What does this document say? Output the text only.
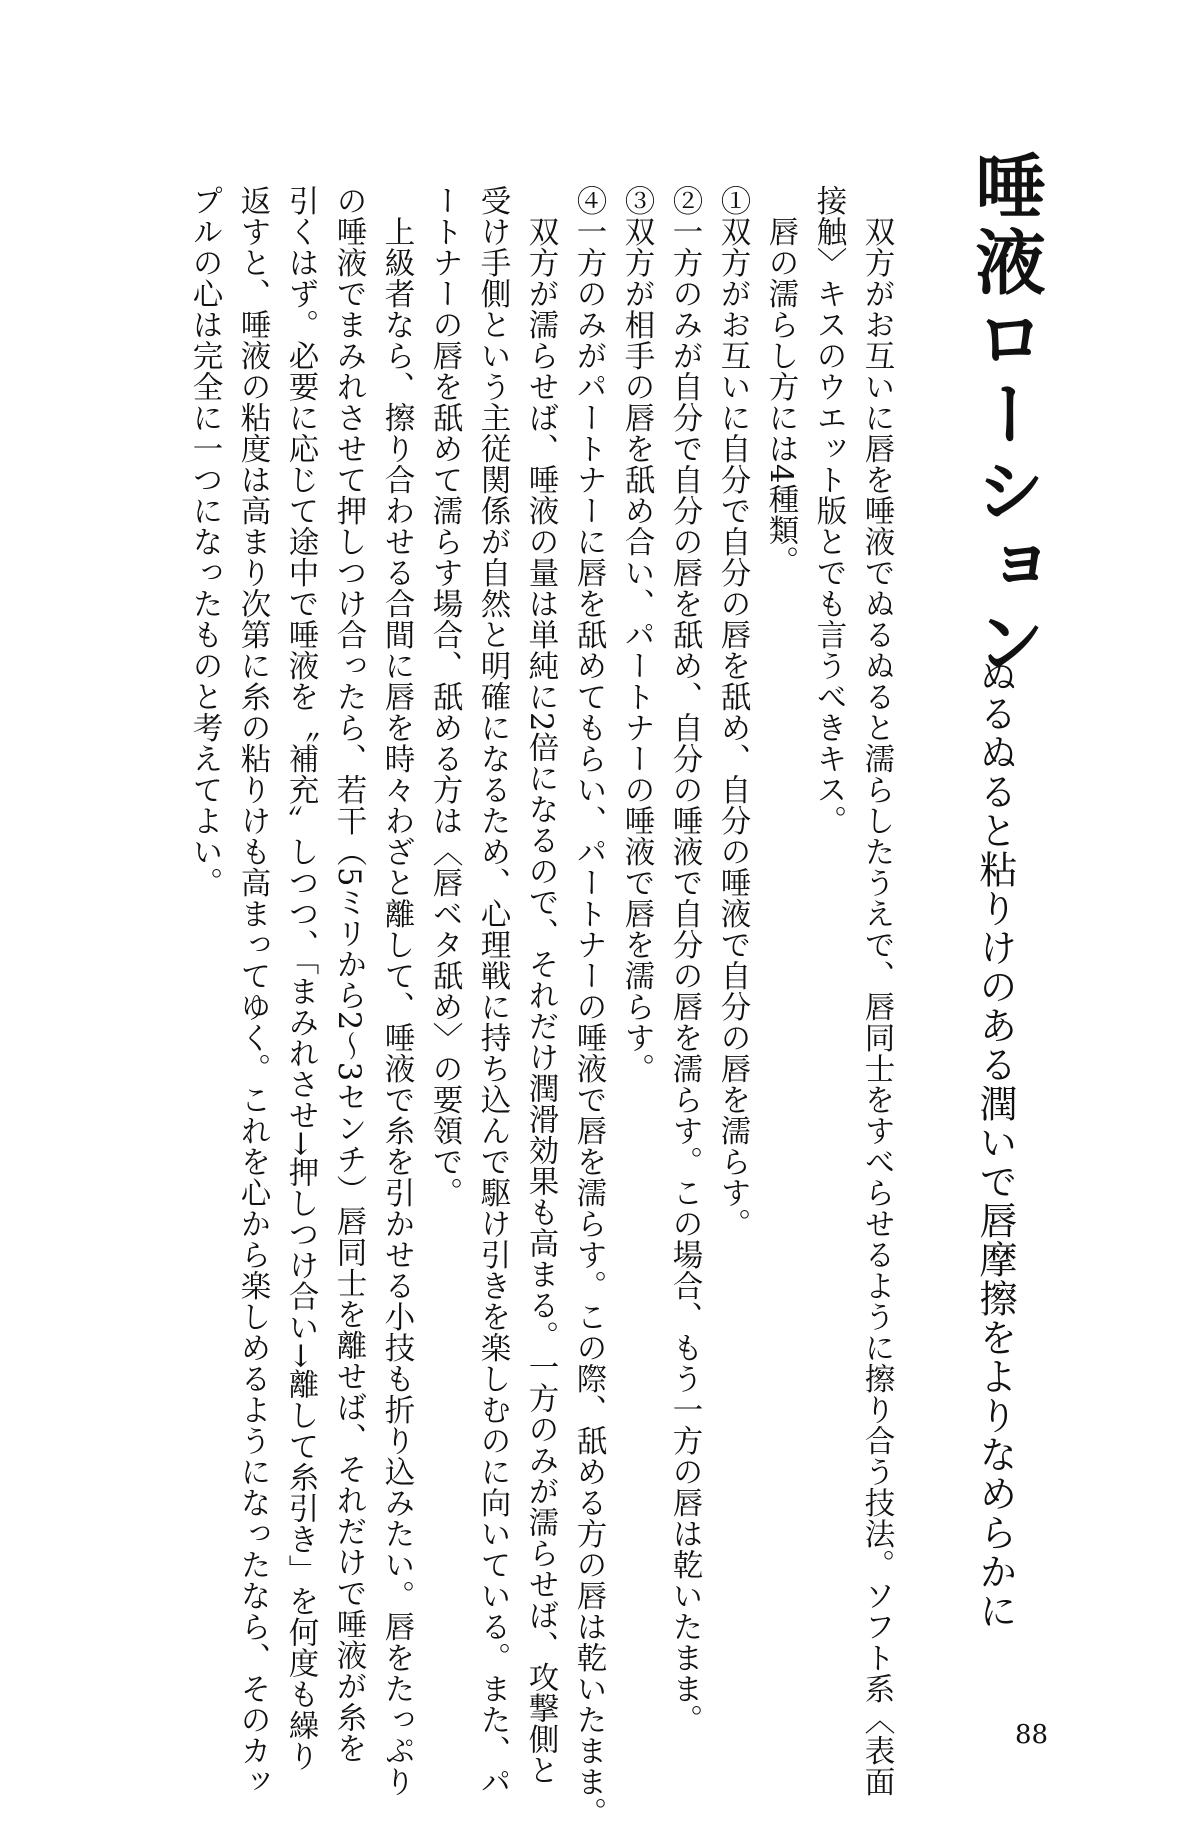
唾液ローション
ぬるぬると粘りけのある潤いで唇摩擦をよりなめらかに
　双方がお互いに唇を唾液でぬるぬると濡らしたうえで、唇同士をすべらせるように擦り合う技法。ソフト系〈表面
接触〉キスのウエット版とでも言うべきキス。
　唇の濡らし方には4種類。
①双方がお互いに自分で自分の唇を舐め、自分の唾液で自分の唇を濡らす。
②一方のみが自分で自分の唇を舐め、自分の唾液で自分の唇を濡らす。この場合、もう一方の唇は乾いたまま。
③双方が相手の唇を舐め合い、パートナーの唾液で唇を濡らす。
④一方のみがパートナーに唇を舐めてもらい、パートナーの唾液で唇を濡らす。この際、舐める方の唇は乾いたまま。
　双方が濡らせば、唾液の量は単純に2倍になるので、それだけ潤滑効果も高まる。一方のみが濡らせば、攻撃側と
受け手側という主従関係が自然と明確になるため、心理戦に持ち込んで駆け引きを楽しむのに向いている。また、パ
ートナーの唇を舐めて濡らす場合、舐める方は〈唇ベタ舐め〉の要領で。
　上級者なら、擦り合わせる合間に唇を時々わざと離して、唾液で糸を引かせる小技も折り込みたい。唇をたっぷり
の唾液でまみれさせて押しつけ合ったら、若干（5ミリから2～3センチ）唇同士を離せば、それだけで唾液が糸を
引くはず。必要に応じて途中で唾液を〝補充〟しつつ、「まみれさせ→押しつけ合い→離して糸引き」を何度も繰り
返すと、唾液の粘度は高まり次第に糸の粘りけも高まってゆく。これを心から楽しめるようになったなら、そのカッ
プルの心は完全に一つになったものと考えてよい。
88
